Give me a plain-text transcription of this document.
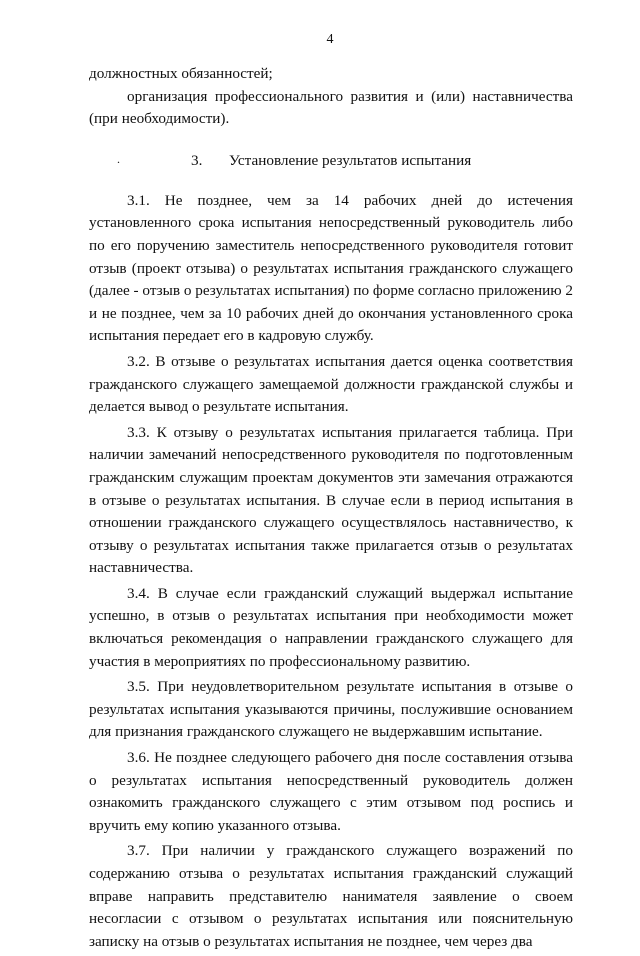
4

должностных обязанностей;

организация профессионального развития и (или) наставничества (при необходимости).

.	3. Установление результатов испытания

3.1. Не позднее, чем за 14 рабочих дней до истечения установленного срока испытания непосредственный руководитель либо по его поручению заместитель непосредственного руководителя готовит отзыв (проект отзыва) о результатах испытания гражданского служащего (далее - отзыв о результатах испытания) по форме согласно приложению 2 и не позднее, чем за 10 рабочих дней до окончания установленного срока испытания передает его в кадровую службу.

3.2. В отзыве о результатах испытания дается оценка соответствия гражданского служащего замещаемой должности гражданской службы и делается вывод о результате испытания.

3.3. К отзыву о результатах испытания прилагается таблица. При наличии замечаний непосредственного руководителя по подготовленным гражданским служащим проектам документов эти замечания отражаются в отзыве о результатах испытания. В случае если в период испытания в отношении гражданского служащего осуществлялось наставничество, к отзыву о результатах испытания также прилагается отзыв о результатах наставничества.

3.4. В случае если гражданский служащий выдержал испытание успешно, в отзыв о результатах испытания при необходимости может включаться рекомендация о направлении гражданского служащего для участия в мероприятиях по профессиональному развитию.

3.5. При неудовлетворительном результате испытания в отзыве о результатах испытания указываются причины, послужившие основанием для признания гражданского служащего не выдержавшим испытание.

3.6. Не позднее следующего рабочего дня после составления отзыва о результатах испытания непосредственный руководитель должен ознакомить гражданского служащего с этим отзывом под роспись и вручить ему копию указанного отзыва.

3.7. При наличии у гражданского служащего возражений по содержанию отзыва о результатах испытания гражданский служащий вправе направить представителю нанимателя заявление о своем несогласии с отзывом о результатах испытания или пояснительную записку на отзыв о результатах испытания не позднее, чем через два
